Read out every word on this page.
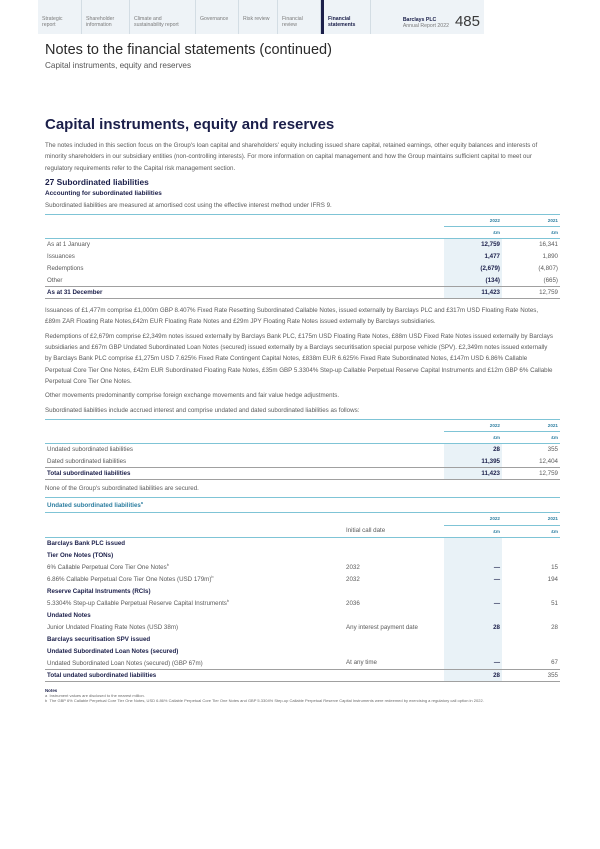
Strategic report
Shareholder information
Climate and sustainability report
Governance	Risk review	Financial review
Financial statements
Barclays PLC
Annual Report 2022 485
Notes to the financial statements (continued)
Capital instruments, equity and reserves
Capital instruments, equity and reserves

The notes included in this section focus on the Group's loan capital and shareholders' equity including issued share capital, retained earnings, other equity balances and interests of minority shareholders in our subsidiary entities (non-controlling interests). For more information on capital management and how the Group maintains sufficient capital to meet our regulatory requirements refer to the Capital risk management section.

27 Subordinated liabilities
Accounting for subordinated liabilities

Subordinated liabilities are measured at amortised cost using the effective interest method under IFRS 9.

	2022	2021
	£m	£m
As at 1 January	12,759	16,341
Issuances	1,477	1,890
Redemptions	(2,679)	(4,807)
Other	(134)	(665)
As at 31 December	11,423	12,759

Issuances of £1,477m comprise £1,000m GBP 8.407% Fixed Rate Resetting Subordinated Callable Notes, issued externally by Barclays PLC and £317m USD Floating Rate Notes, £89m ZAR Floating Rate Notes,£42m EUR Floating Rate Notes and £29m JPY Floating Rate Notes issued externally by Barclays subsidiaries.

Redemptions of £2,679m comprise £2,349m notes issued externally by Barclays Bank PLC, £175m USD Floating Rate Notes, £88m USD Fixed Rate Notes issued externally by Barclays subsidiaries and £67m GBP Undated Subordinated Loan Notes (secured) issued externally by a Barclays securitisation special purpose vehicle (SPV). £2,349m notes issued externally by Barclays Bank PLC comprise £1,275m USD 7.625% Fixed Rate Contingent Capital Notes, £838m EUR 6.625% Fixed Rate Subordinated Notes, £147m USD 6.86% Callable Perpetual Core Tier One Notes, £42m EUR Subordinated Floating Rate Notes, £35m GBP 5.3304% Step-up Callable Perpetual Reserve Capital Instruments and £12m GBP 6% Callable Perpetual Core Tier One Notes.

Other movements predominantly comprise foreign exchange movements and fair value hedge adjustments.

Subordinated liabilities include accrued interest and comprise undated and dated subordinated liabilities as follows:

	2022	2021
	£m	£m
Undated subordinated liabilities	28	355
Dated subordinated liabilities	11,395	12,404
Total subordinated liabilities	11,423	12,759

None of the Group's subordinated liabilities are secured.

Undated subordinated liabilities$^a$
		2022	2021
	Initial call date	£m	£m
Barclays Bank PLC issued			
Tier One Notes (TONs)			
6% Callable Perpetual Core Tier One Notes$^b$	2032	—	15
6.86% Callable Perpetual Core Tier One Notes (USD 179m)$^b$	2032	—	194
Reserve Capital Instruments (RCIs)			
5.3304% Step-up Callable Perpetual Reserve Capital Instruments$^b$	2036	—	51
Undated Notes			
Junior Undated Floating Rate Notes (USD 38m)	Any interest payment date	28	28
Barclays securitisation SPV issued			
Undated Subordinated Loan Notes (secured)			
Undated Subordinated Loan Notes (secured) (GBP 67m)	At any time	—	67
Total undated subordinated liabilities		28	355
Notes
a Instrument values are disclosed to the nearest million.
b The GBP 6% Callable Perpetual Core Tier One Notes, USD 6.86% Callable Perpetual Core Tier One Notes and GBP 5.3304% Step-up Callable Perpetual Reserve Capital Instruments were redeemed by exercising a regulatory call option in 2022.
